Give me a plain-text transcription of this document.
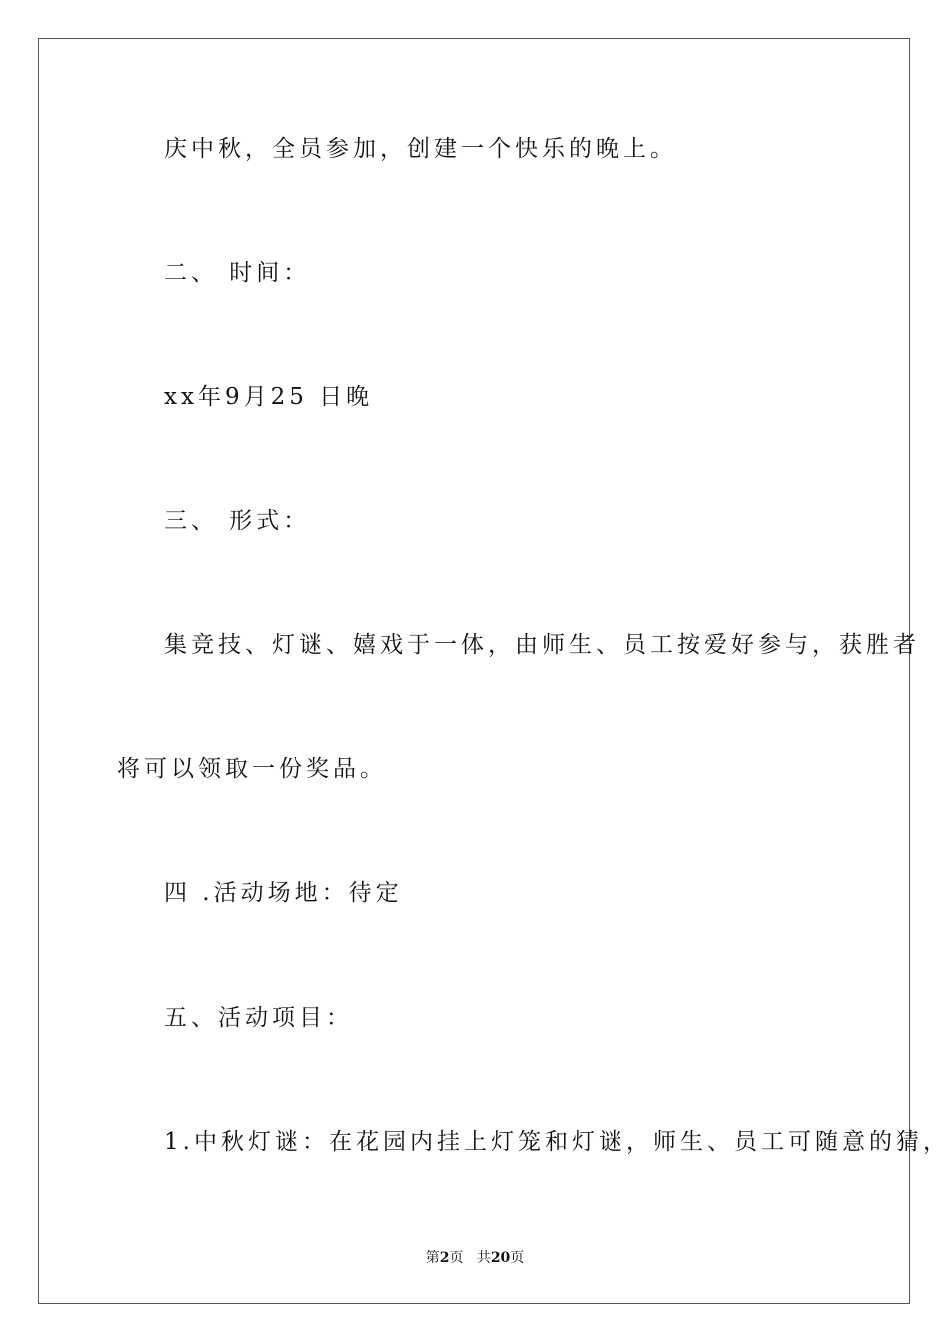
庆中秋，全员参加，创建一个快乐的晚上。

二、 时间：

xx年9月25 日晚

三、 形式：

集竞技、灯谜、嬉戏于一体，由师生、员工按爱好参与，获胜者

将可以领取一份奖品。

四 .活动场地：待定

五、活动项目：

1.中秋灯谜：在花园内挂上灯笼和灯谜，师生、员工可随意的猜，

第2页 共20页
